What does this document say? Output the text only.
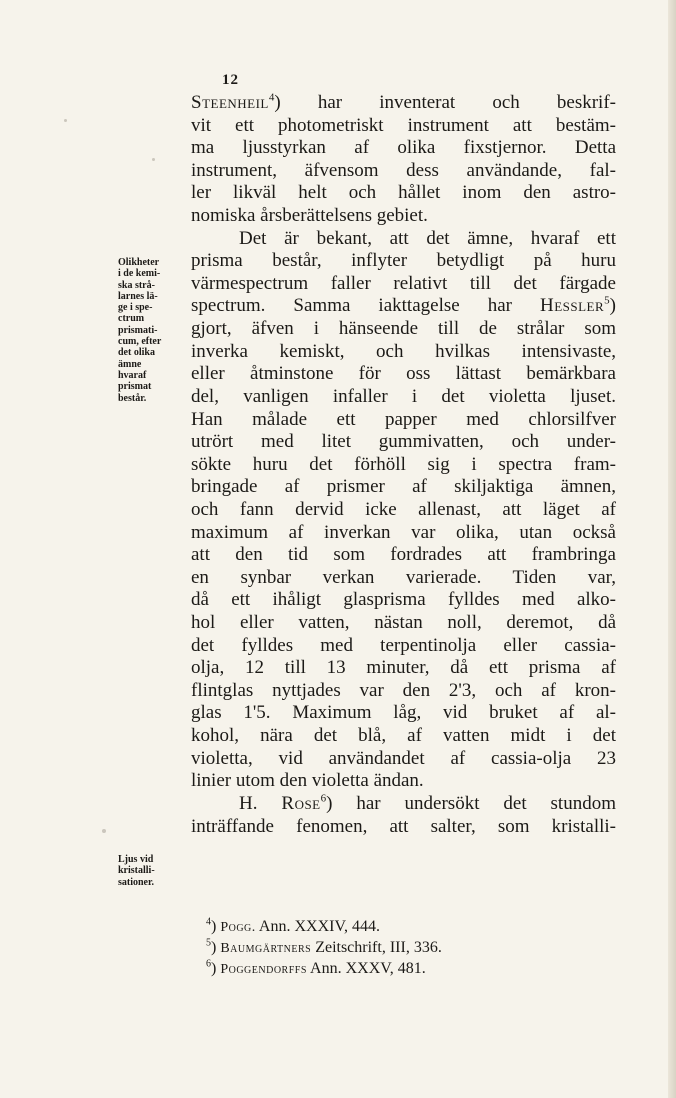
12
Steenheil$^4$) har inventerat och beskrif-
vit ett photometriskt instrument att bestäm-
ma ljusstyrkan af olika fixstjernor. Detta
instrument, äfvensom dess användande, fal-
ler likväl helt och hållet inom den astro-
nomiska årsberättelsens gebiet.
Det är bekant, att det ämne, hvaraf ett
prisma består, inflyter betydligt på huru
värmespectrum faller relativt till det färgade
spectrum. Samma iakttagelse har Hessler$^5$)
gjort, äfven i hänseende till de strålar som
inverka kemiskt, och hvilkas intensivaste,
eller åtminstone för oss lättast bemärkbara
del, vanligen infaller i det violetta ljuset.
Han målade ett papper med chlorsilfver
utrört med litet gummivatten, och under-
sökte huru det förhöll sig i spectra fram-
bringade af prismer af skiljaktiga ämnen,
och fann dervid icke allenast, att läget af
maximum af inverkan var olika, utan också
att den tid som fordrades att frambringa
en synbar verkan varierade. Tiden var,
då ett ihåligt glasprisma fylldes med alko-
hol eller vatten, nästan noll, deremot, då
det fylldes med terpentinolja eller cassia-
olja, 12 till 13 minuter, då ett prisma af
flintglas nyttjades var den 2'3, och af kron-
glas 1'5. Maximum låg, vid bruket af al-
kohol, nära det blå, af vatten midt i det
violetta, vid användandet af cassia-olja 23
linier utom den violetta ändan.
H. Rose$^6$) har undersökt det stundom
inträffande fenomen, att salter, som kristalli-
Olikheter
i de kemi-
ska strå-
larnes lä-
ge i spe-
ctrum
prismati-
cum, efter
det olika
ämne
hvaraf
prismat
består.
Ljus vid
kristalli-
sationer.
$^4$) Pogg. Ann. XXXIV, 444.
$^5$) Baumgärtners Zeitschrift, III, 336.
$^6$) Poggendorffs Ann. XXXV, 481.
